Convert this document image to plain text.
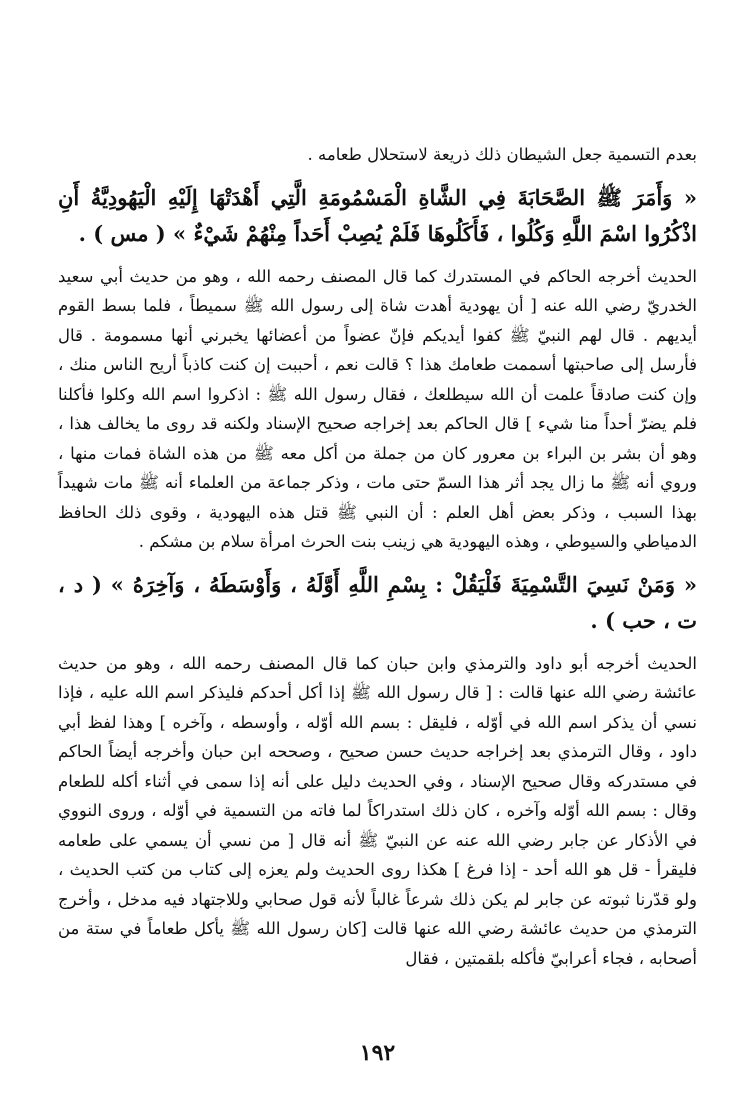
بعدم التسمية جعل الشيطان ذلك ذريعة لاستحلال طعامه .

« وَأَمَرَ ﷺ الصَّحَابَةَ فِي الشَّاةِ الْمَسْمُومَةِ الَّتِي أَهْدَتْهَا إِلَيْهِ الْيَهُودِيَّةُ أَنِ اذْكُرُوا اسْمَ اللَّهِ وَكُلُوا ، فَأَكَلُوهَا فَلَمْ يُصِبْ أَحَداً مِنْهُمْ شَيْءٌ » ( مس ) .

الحديث أخرجه الحاكم في المستدرك كما قال المصنف رحمه الله ، وهو من حديث أبي سعيد الخدريّ رضي الله عنه [ أن يهودية أهدت شاة إلى رسول الله ﷺ سميطاً ، فلما بسط القوم أيديهم . قال لهم النبيّ ﷺ كفوا أيديكم فإنّ عضواً من أعضائها يخبرني أنها مسمومة . قال فأرسل إلى صاحبتها أسممت طعامك هذا ؟ قالت نعم ، أحببت إن كنت كاذباً أريح الناس منك ، وإن كنت صادقاً علمت أن الله سيطلعك ، فقال رسول الله ﷺ : اذكروا اسم الله وكلوا فأكلنا فلم يضرّ أحداً منا شيء ] قال الحاكم بعد إخراجه صحيح الإسناد ولكنه قد روى ما يخالف هذا ، وهو أن بشر بن البراء بن معرور كان من جملة من أكل معه ﷺ من هذه الشاة فمات منها ، وروي أنه ﷺ ما زال يجد أثر هذا السمّ حتى مات ، وذكر جماعة من العلماء أنه ﷺ مات شهيداً بهذا السبب ، وذكر بعض أهل العلم : أن النبي ﷺ قتل هذه اليهودية ، وقوى ذلك الحافظ الدمياطي والسيوطي ، وهذه اليهودية هي زينب بنت الحرث امرأة سلام بن مشكم .

« وَمَنْ نَسِيَ التَّسْمِيَةَ فَلْيَقُلْ : بِسْمِ اللَّهِ أَوَّلَهُ ، وَأَوْسَطَهُ ، وَآخِرَهُ » ( د ، ت ، حب ) .

الحديث أخرجه أبو داود والترمذي وابن حبان كما قال المصنف رحمه الله ، وهو من حديث عائشة رضي الله عنها قالت : [ قال رسول الله ﷺ إذا أكل أحدكم فليذكر اسم الله عليه ، فإذا نسي أن يذكر اسم الله في أوّله ، فليقل : بسم الله أوّله ، وأوسطه ، وآخره ] وهذا لفظ أبي داود ، وقال الترمذي بعد إخراجه حديث حسن صحيح ، وصححه ابن حبان وأخرجه أيضاً الحاكم في مستدركه وقال صحيح الإسناد ، وفي الحديث دليل على أنه إذا سمى في أثناء أكله للطعام وقال : بسم الله أوّله وآخره ، كان ذلك استدراكاً لما فاته من التسمية في أوّله ، وروى النووي في الأذكار عن جابر رضي الله عنه عن النبيّ ﷺ أنه قال [ من نسي أن يسمي على طعامه فليقرأ - قل هو الله أحد - إذا فرغ ] هكذا روى الحديث ولم يعزه إلى كتاب من كتب الحديث ، ولو قدّرنا ثبوته عن جابر لم يكن ذلك شرعاً غالباً لأنه قول صحابي وللاجتهاد فيه مدخل ، وأخرج الترمذي من حديث عائشة رضي الله عنها قالت [كان رسول الله ﷺ يأكل طعاماً في ستة من أصحابه ، فجاء أعرابيّ فأكله بلقمتين ، فقال

١٩٢
